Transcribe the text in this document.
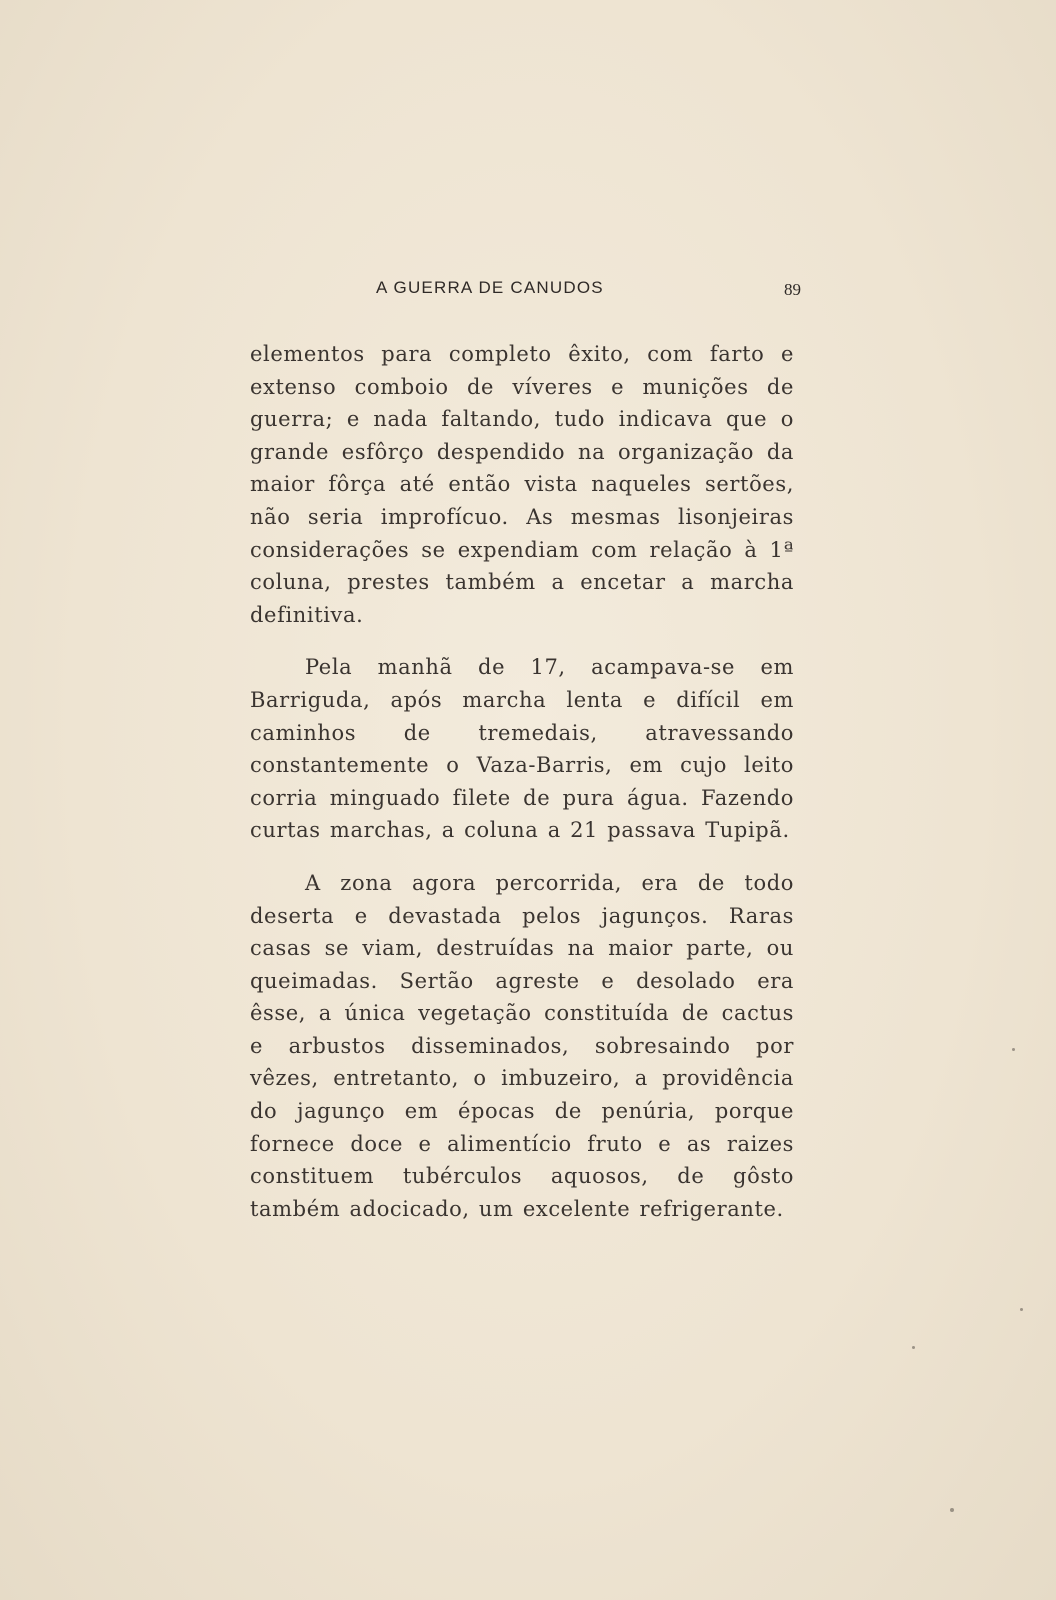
A GUERRA DE CANUDOS	89

elementos para completo êxito, com farto e extenso comboio de víveres e munições de guerra; e nada faltando, tudo indicava que o grande esfôrço despendido na organização da maior fôrça até então vista naqueles sertões, não seria improfícuo. As mesmas lisonjeiras considerações se expendiam com relação à 1ª coluna, prestes também a encetar a marcha definitiva.

Pela manhã de 17, acampava-se em Barriguda, após marcha lenta e difícil em caminhos de tremedais, atravessando constantemente o Vaza-Barris, em cujo leito corria minguado filete de pura água. Fazendo curtas marchas, a coluna a 21 passava Tupipã.

A zona agora percorrida, era de todo deserta e devastada pelos jagunços. Raras casas se viam, destruídas na maior parte, ou queimadas. Sertão agreste e desolado era êsse, a única vegetação constituída de cactus e arbustos disseminados, sobresaindo por vêzes, entretanto, o imbuzeiro, a providência do jagunço em épocas de penúria, porque fornece doce e alimentício fruto e as raizes constituem tubérculos aquosos, de gôsto também adocicado, um excelente refrigerante.
